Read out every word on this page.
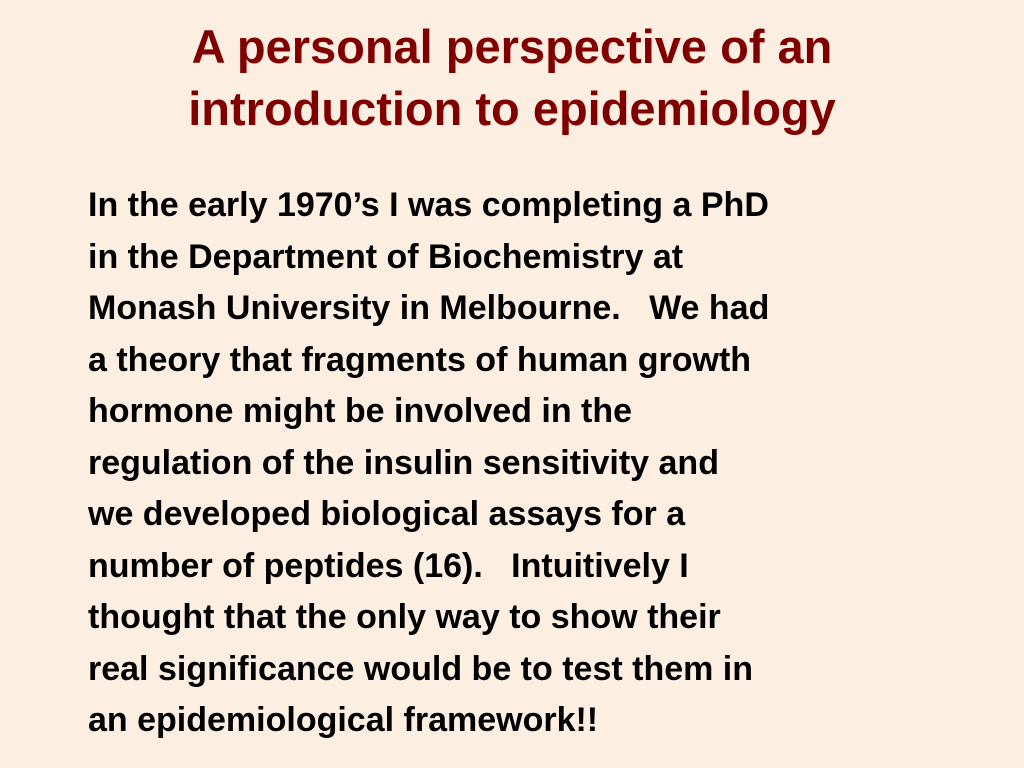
A personal perspective of an
introduction to epidemiology
In the early 1970’s I was completing a PhD
in the Department of Biochemistry at
Monash University in Melbourne.   We had
a theory that fragments of human growth
hormone might be involved in the
regulation of the insulin sensitivity and
we developed biological assays for a
number of peptides (16).   Intuitively I
thought that the only way to show their
real significance would be to test them in
an epidemiological framework!!
